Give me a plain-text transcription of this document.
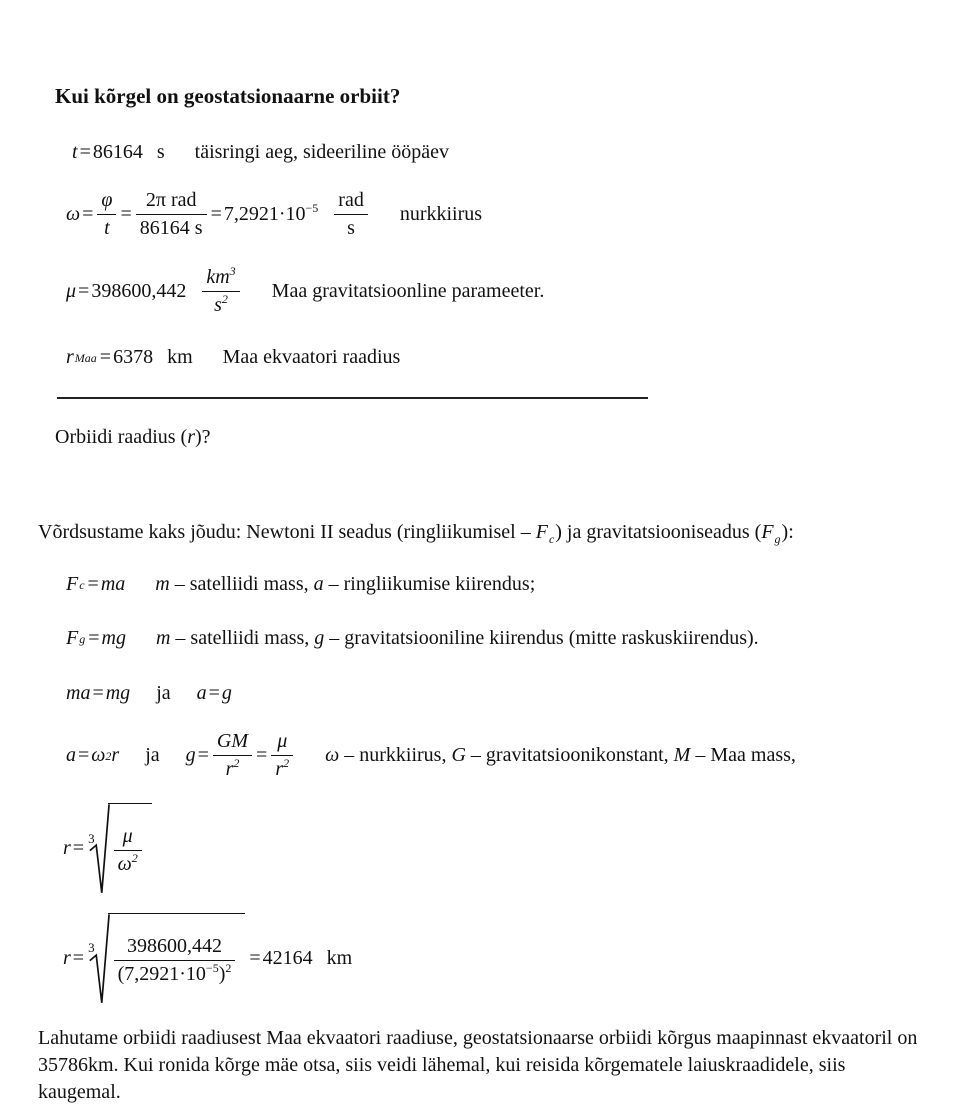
Kui kõrgel on geostatsionaarne orbiit?
t = 86164 s täisringi aeg, sideeriline ööpäev
$\omega = \frac{\varphi}{t} = \frac{\text{2π rad}}{86164 s} = 7,2921\cdot 10^{-5} \frac{\text{rad}}{s}$ nurkkiirus
$\mu = 398600,442 \frac{km^3}{s^2}$ Maa gravitatsioonline parameeter.
r Maa = 6378 km Maa ekvaatori raadius
Orbiidi raadius (r)?
Võrdsustame kaks jõudu: Newtoni II seadus (ringliikumisel – $F_c$) ja gravitatsiooniseadus $(F_g)$:
F c = ma m – satelliidi mass, a – ringliikumise kiirendus;
F g = mg m – satelliidi mass, g – gravitatsiooniline kiirendus (mitte raskuskiirendus).
ma = mg ja a = g
a = ω 2 r ja $g = \frac{GM}{r^2} = \frac{\mu}{r^2}$ ω – nurkkiirus, G – gravitatsioonikonstant, M – Maa mass,
$r = 3 \frac{\mu}{\omega^2}$
$r = 3 \frac{398600,442}{(7,2921\cdot 10^{-5})^2} = 42164$ km

Lahutame orbiidi raadiusest Maa ekvaatori raadiuse, geostatsionaarse orbiidi kõrgus maapinnast ekvaatoril on 35786km. Kui ronida kõrge mäe otsa, siis veidi lähemal, kui reisida kõrgematele laiuskraadidele, siis kaugemal.
